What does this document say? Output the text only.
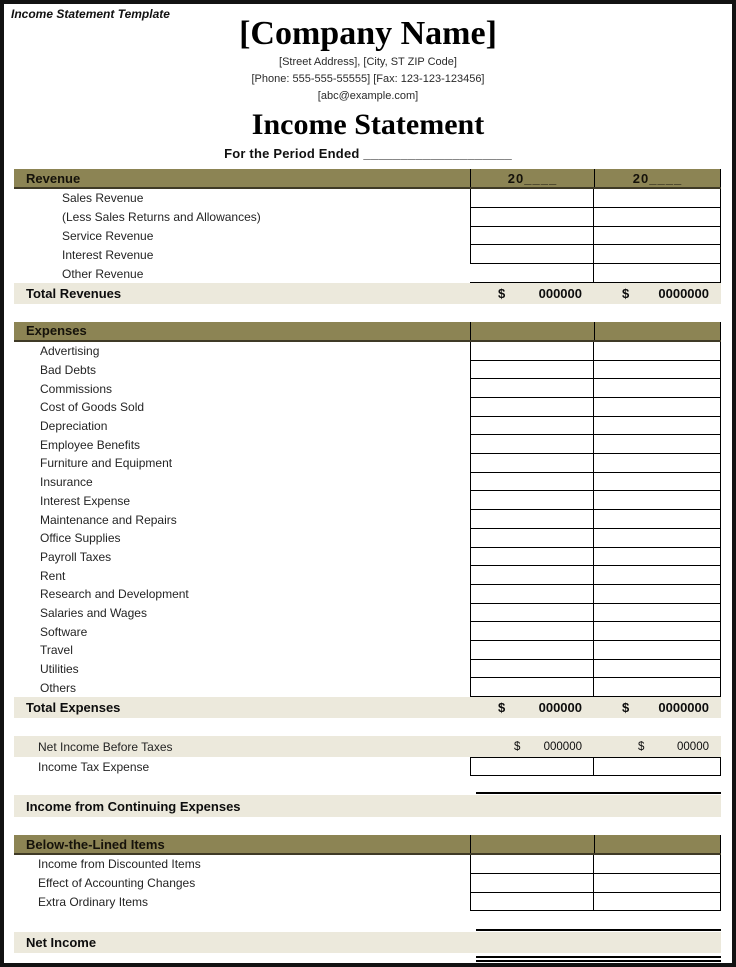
Income Statement Template
[Company Name]
[Street Address], [City, ST ZIP Code]
[Phone: 555-555-55555] [Fax: 123-123-123456]
[abc@example.com]
Income Statement
For the Period Ended ____________________
Revenue	20____	20____
Sales Revenue
(Less Sales Returns and Allowances)
Service Revenue
Interest Revenue
Other Revenue
Total Revenues	$	000000	$ 0000000
Expenses
Advertising
Bad Debts
Commissions
Cost of Goods Sold
Depreciation
Employee Benefits
Furniture and Equipment
Insurance
Interest Expense
Maintenance and Repairs
Office Supplies
Payroll Taxes
Rent
Research and Development
Salaries and Wages
Software
Travel
Utilities
Others
Total Expenses	$	000000	$ 0000000
Net Income Before Taxes	$ 000000	$	00000
Income Tax Expense
Income from Continuing Expenses
Below-the-Lined Items
Income from Discounted Items
Effect of Accounting Changes
Extra Ordinary Items
Net Income
